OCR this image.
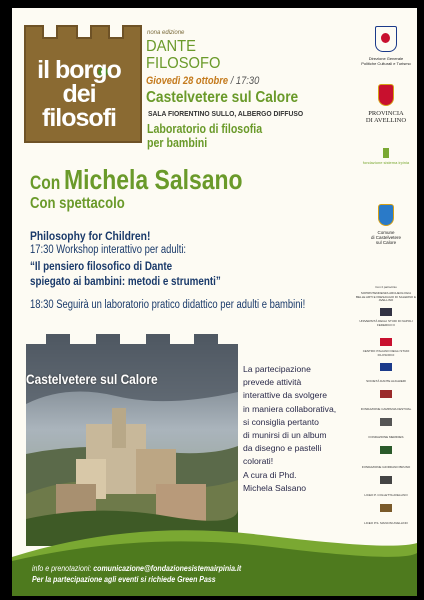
il borgo
dei
filosofi
nona edizione
DANTE
FILOSOFO
Giovedì 28 ottobre / 17:30
Castelvetere sul Calore
SALA FIORENTINO SULLO, ALBERGO DIFFUSO
Laboratorio di filosofia
per bambini
Con Michela Salsano
Con spettacolo
Philosophy for Children!
17:30 Workshop interattivo per adulti:
“Il pensiero filosofico di Dante
spiegato ai bambini: metodi e strumenti”
18:30 Seguirà un laboratorio pratico didattico per adulti e bambini!
Castelvetere sul Calore
La partecipazione
prevede attività
interattive da svolgere
in maniera collaborativa,
si consiglia pertanto
di munirsi di un album
da disegno e pastelli
colorati!
A cura di Phd.
Michela Salsano
info e prenotazioni: comunicazione@fondazionesistemairpinia.it
Per la partecipazione agli eventi si richiede Green Pass
Direzione Generale
Politiche Culturali e Turismo
PROVINCIA
DI AVELLINO
fondazione sistema irpinia
Comune
di Castelvetere
sul Calore
Con il patrocinio
SOPRINTENDENZA ARCHEOLOGIA BELLE ARTI E PAESAGGIO DI SALERNO E AVELLINO
UNIVERSITÀ DEGLI STUDI DI NAPOLI FEDERICO II
CENTRO ITALIANO DEGLI STUDI FILOSOFICI
SOCIETÀ DANTE ALIGHIERI
FONDAZIONE CAMPANIA FESTIVAL
FONDAZIONE MERIDIES
FONDAZIONE GIORDANO BRUNO
LICEO P. COLLETTA AVELLINO
LICEO P.S. MANCINI AVELLINO
